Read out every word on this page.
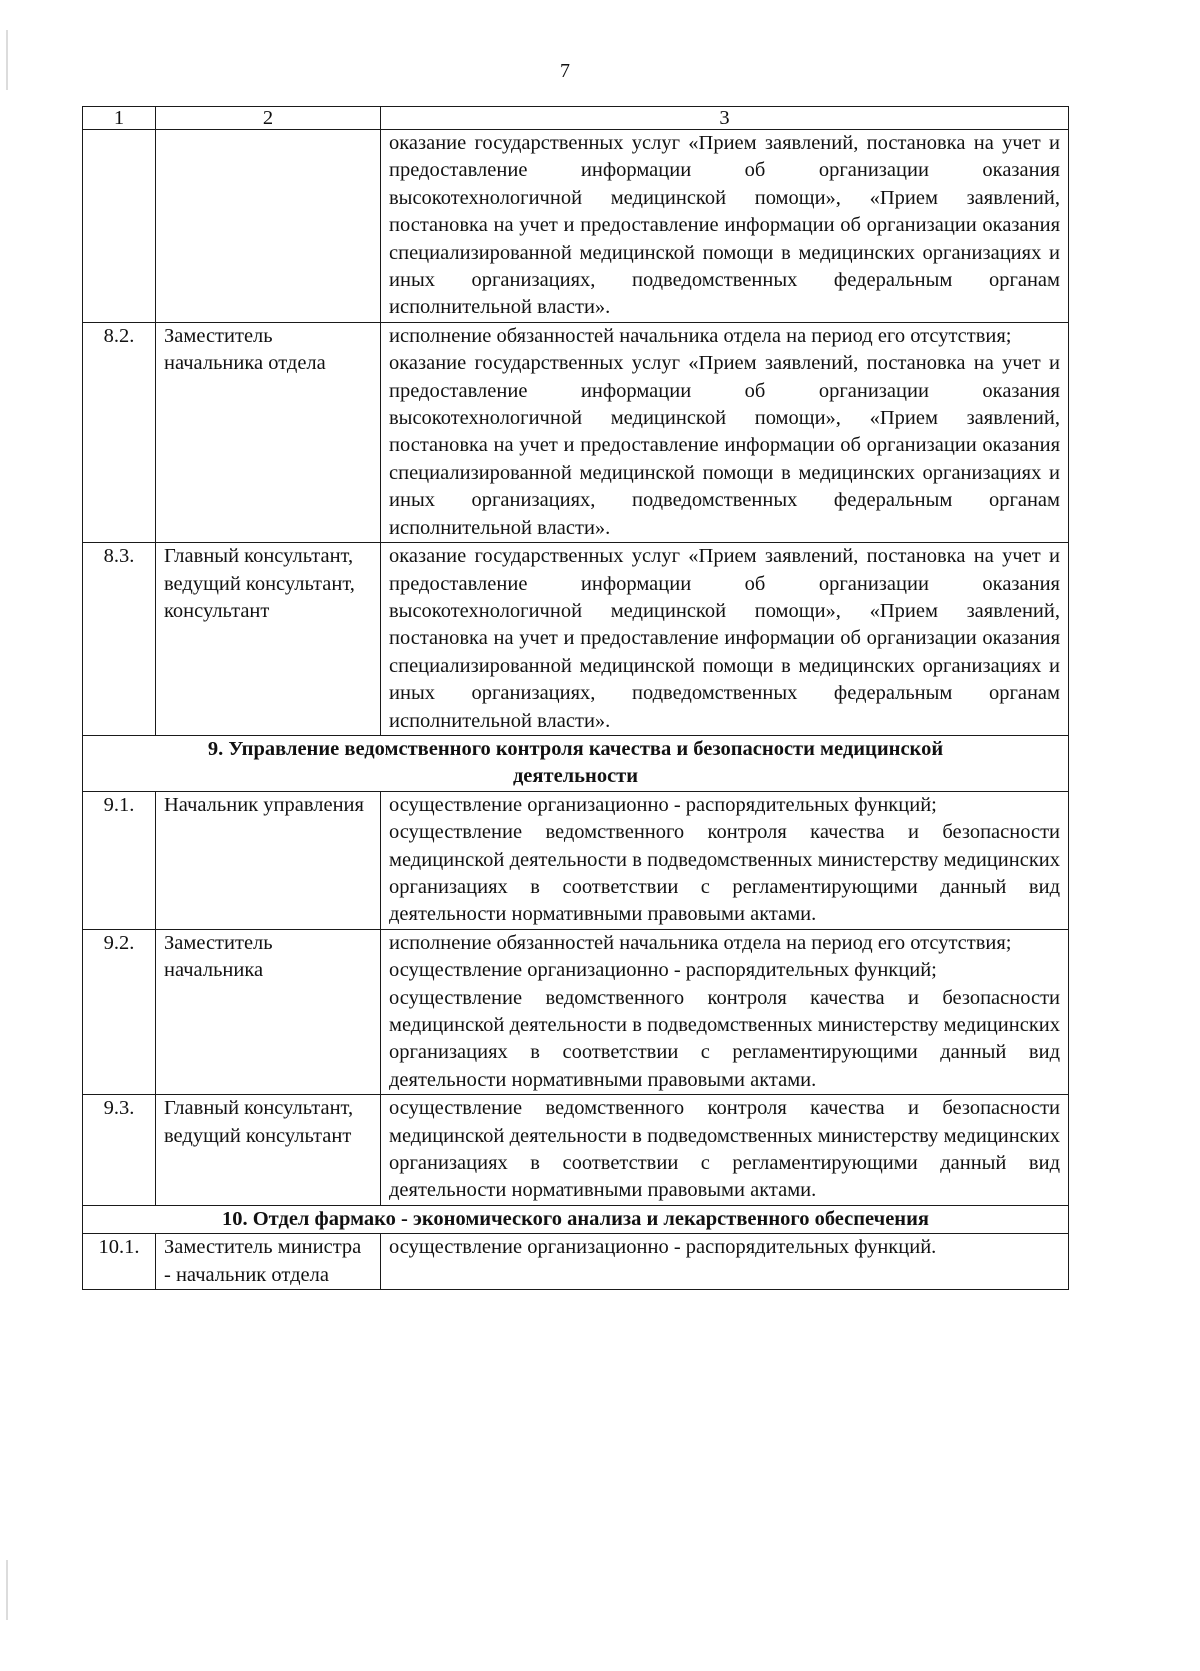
7
1	2	3

		оказание государственных услуг «Прием заявлений, постановка на учет и предоставление информации об организации оказания высокотехнологичной медицинской помощи», «Прием заявлений, постановка на учет и предоставление информации об организации оказания специализированной медицинской помощи в медицинских организациях и иных организациях, подведомственных федеральным органам исполнительной власти».

8.2.	Заместитель начальника отдела	исполнение обязанностей начальника отдела на период его отсутствия;

оказание государственных услуг «Прием заявлений, постановка на учет и предоставление информации об организации оказания высокотехнологичной медицинской помощи», «Прием заявлений, постановка на учет и предоставление информации об организации оказания специализированной медицинской помощи в медицинских организациях и иных организациях, подведомственных федеральным органам исполнительной власти».

8.3.	Главный консультант, ведущий консультант, консультант	оказание государственных услуг «Прием заявлений, постановка на учет и предоставление информации об организации оказания высокотехнологичной медицинской помощи», «Прием заявлений, постановка на учет и предоставление информации об организации оказания специализированной медицинской помощи в медицинских организациях и иных организациях, подведомственных федеральным органам исполнительной власти».

9. Управление ведомственного контроля качества и безопасности медицинской деятельности		
9.1.	Начальник управления	осуществление организационно - распорядительных функций;

осуществление ведомственного контроля качества и безопасности медицинской деятельности в подведомственных министерству медицинских организациях в соответствии с регламентирующими данный вид деятельности нормативными правовыми актами.

9.2.	Заместитель начальника	исполнение обязанностей начальника отдела на период его отсутствия;

осуществление организационно - распорядительных функций;

осуществление ведомственного контроля качества и безопасности медицинской деятельности в подведомственных министерству медицинских организациях в соответствии с регламентирующими данный вид деятельности нормативными правовыми актами.

9.3.	Главный консультант, ведущий консультант	осуществление ведомственного контроля качества и безопасности медицинской деятельности в подведомственных министерству медицинских организациях в соответствии с регламентирующими данный вид деятельности нормативными правовыми актами.

10. Отдел фармако - экономического анализа и лекарственного обеспечения		
10.1.	Заместитель министра - начальник отдела	осуществление организационно - распорядительных функций.
